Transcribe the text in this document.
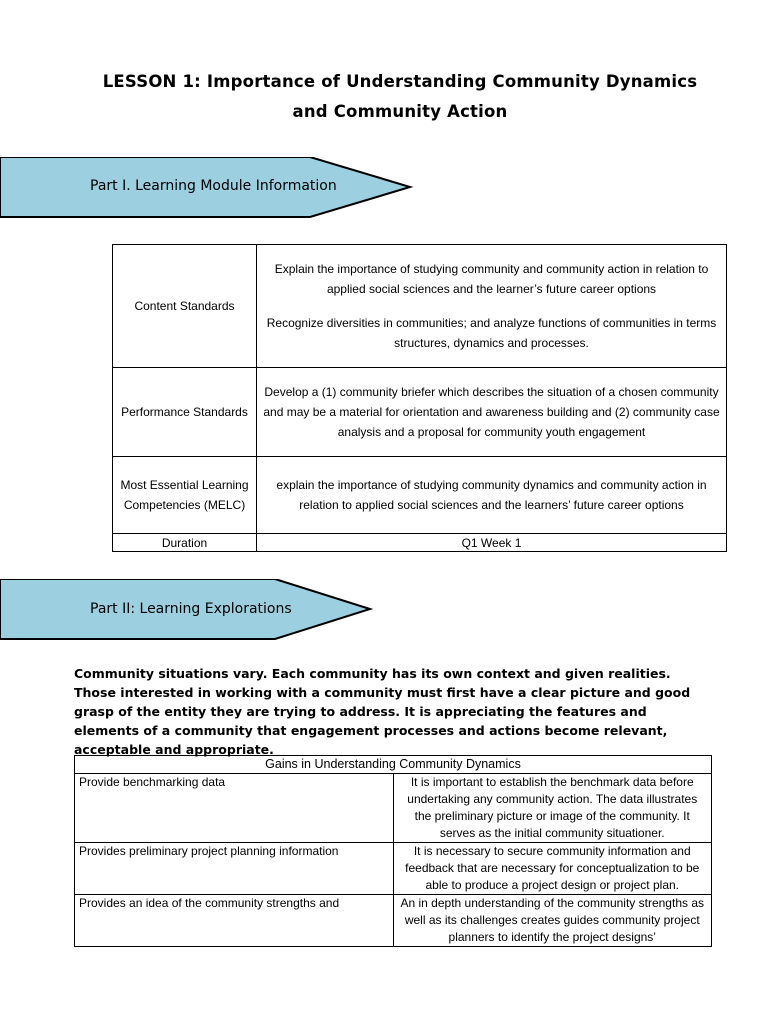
LESSON 1: Importance of Understanding Community Dynamics
and Community Action
Part I. Learning Module Information
Content Standards	Explain the importance of studying community and community action in relation to applied social sciences and the learner’s future career options

Recognize diversities in communities; and analyze functions of communities in terms structures, dynamics and processes.

Performance Standards	Develop a (1) community briefer which describes the situation of a chosen community and may be a material for orientation and awareness building and (2) community case analysis and a proposal for community youth engagement
Most Essential Learning Competencies (MELC)	explain the importance of studying community dynamics and community action in relation to applied social sciences and the learners’ future career options
Duration	Q1 Week 1
Part II: Learning Explorations
Community situations vary. Each community has its own context and given realities. Those interested in working with a community must first have a clear picture and good grasp of the entity they are trying to address. It is appreciating the features and elements of a community that engagement processes and actions become relevant, acceptable and appropriate.
Gains in Understanding Community Dynamics	
Provide benchmarking data	It is important to establish the benchmark data before undertaking any community action. The data illustrates the preliminary picture or image of the community. It serves as the initial community situationer.
Provides preliminary project planning information	It is necessary to secure community information and feedback that are necessary for conceptualization to be able to produce a project design or project plan.
Provides an idea of the community strengths and	An in depth understanding of the community strengths as well as its challenges creates guides community project planners to identify the project designs’
